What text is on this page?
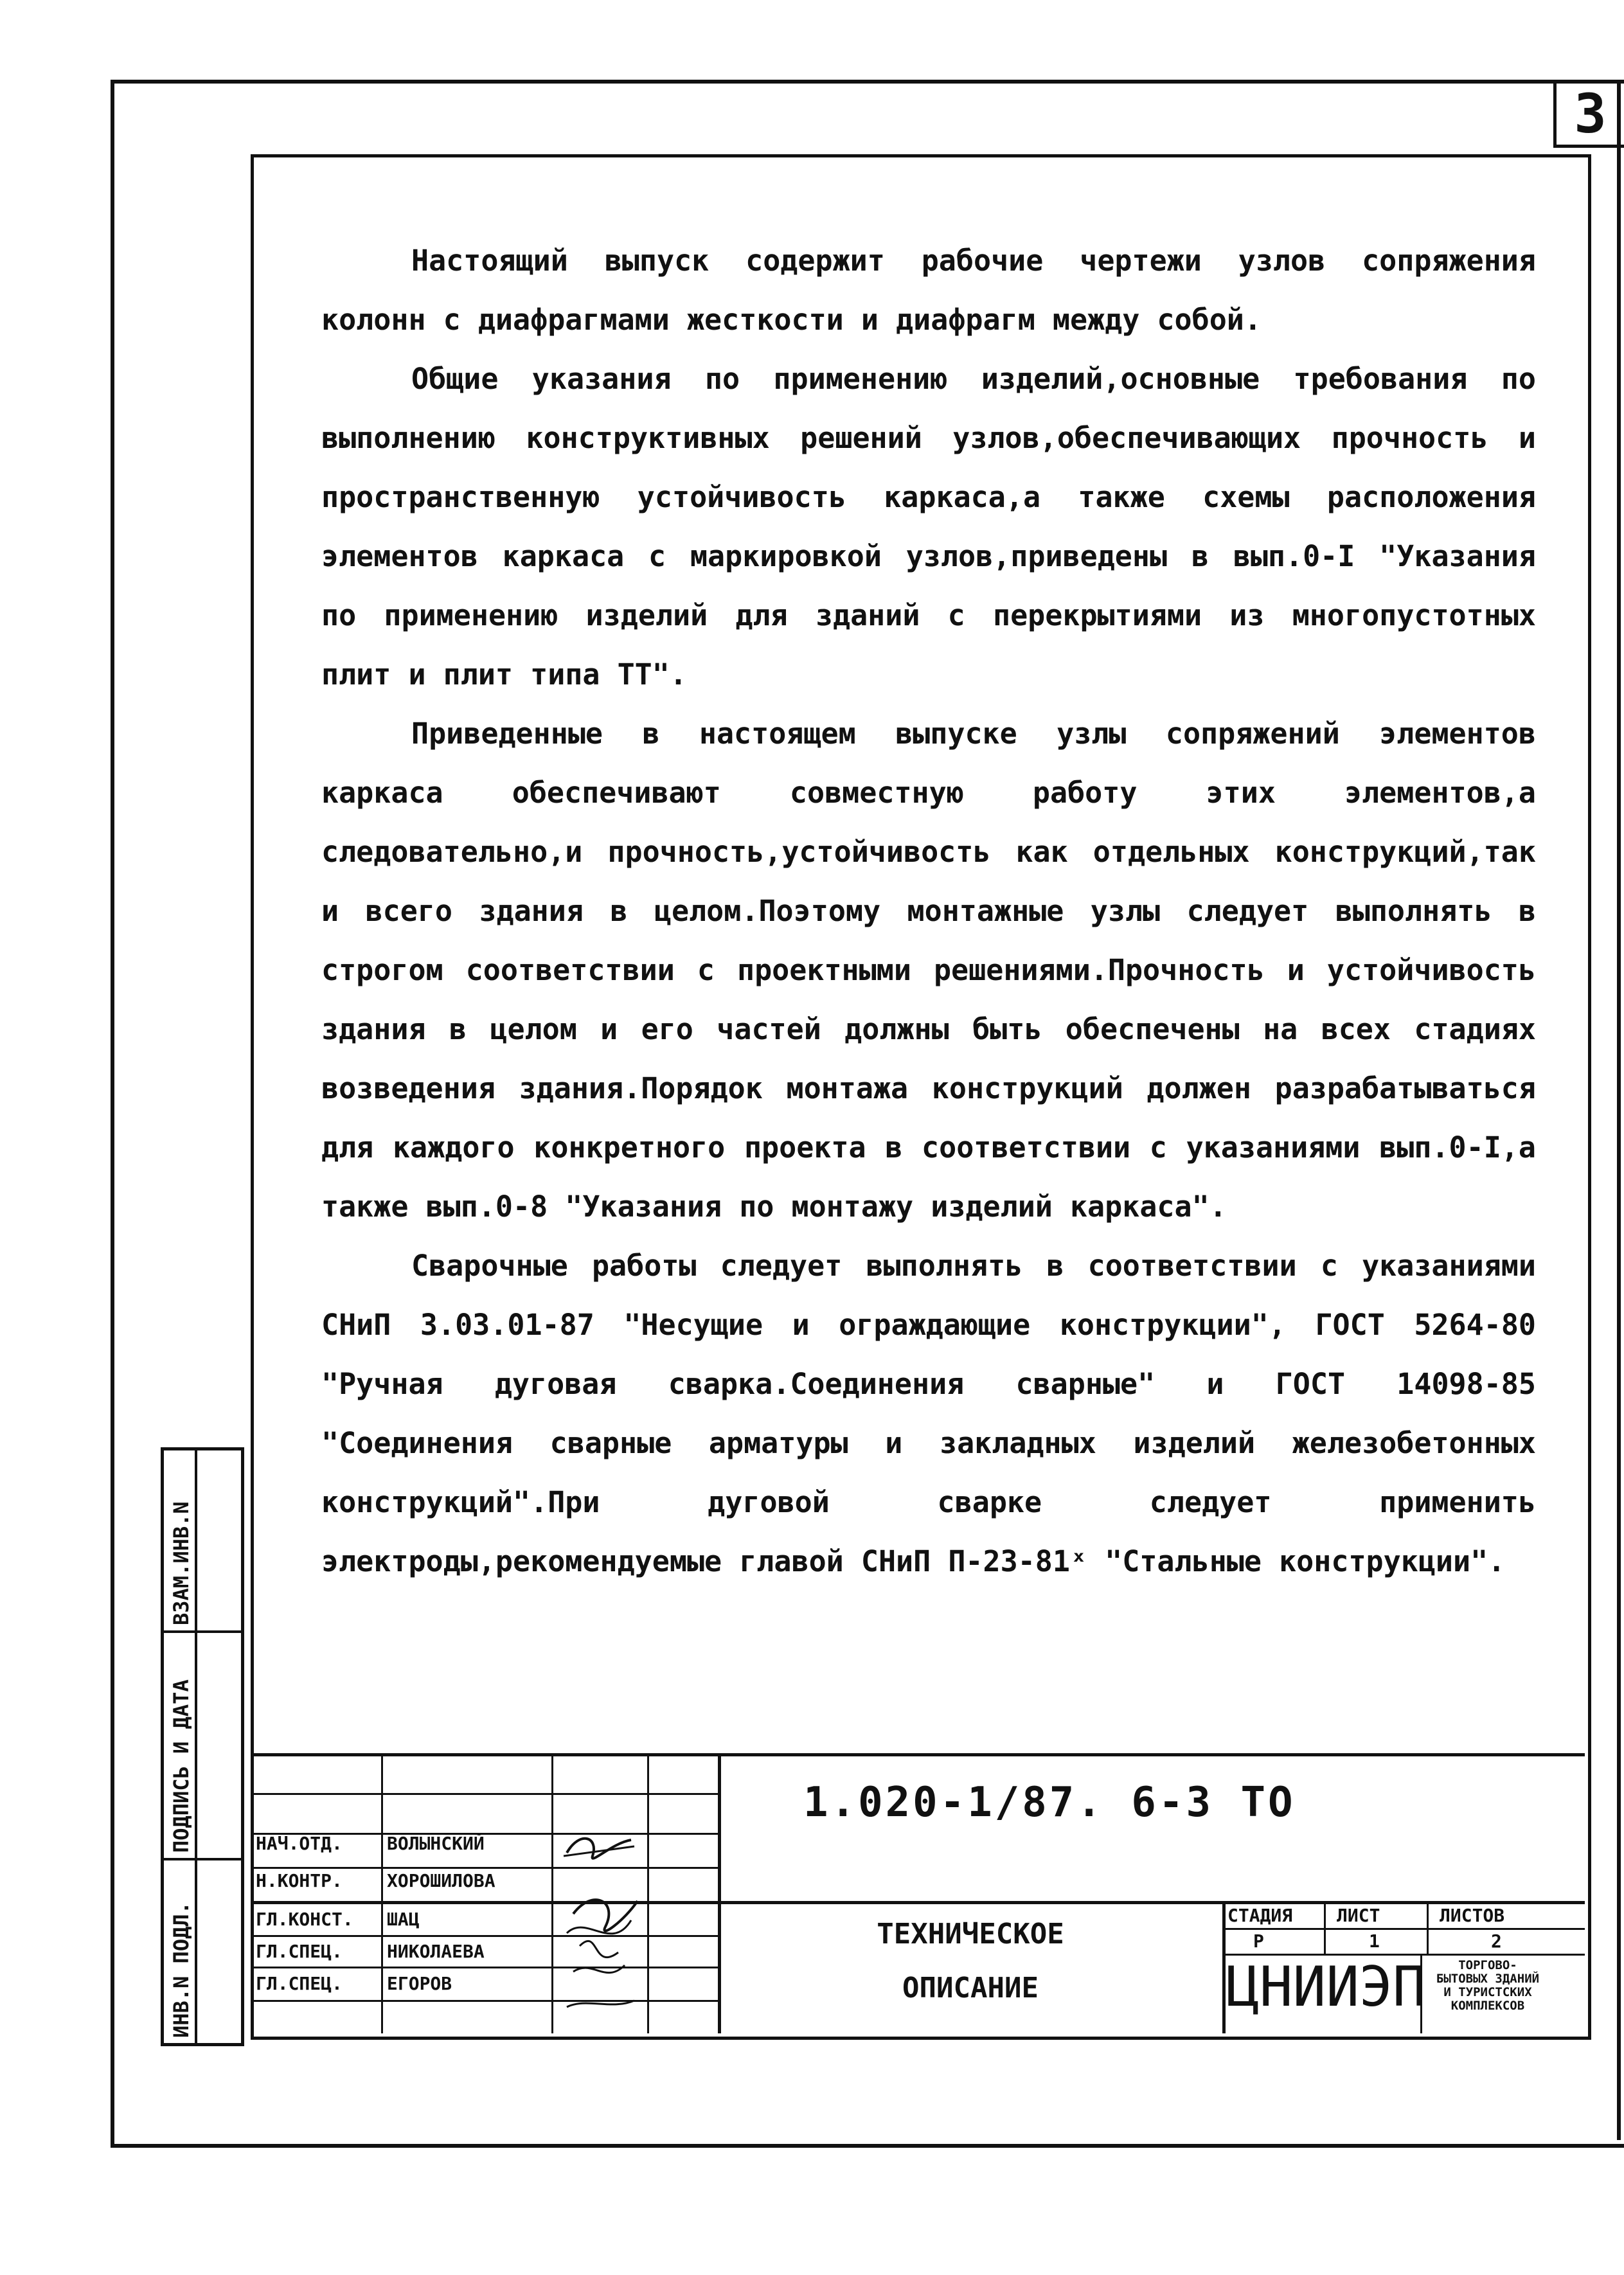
3

Настоящий выпуск содержит рабочие чертежи узлов сопряжения колонн с диафрагмами жесткости и диафрагм между собой.

Общие указания по применению изделий,основные требования по выполнению конструктивных решений узлов,обеспечивающих прочность и пространственную устойчивость каркаса,а также схемы расположения элементов каркаса с маркировкой узлов,приведены в вып.0-I "Указания по применению изделий для зданий с перекрытиями из многопустотных плит и плит типа ТТ".

Приведенные в настоящем выпуске узлы сопряжений элементов каркаса обеспечивают совместную работу этих элементов,а следовательно,и прочность,устойчивость как отдельных конструкций,так и всего здания в целом.Поэтому монтажные узлы следует выполнять в строгом соответствии с проектными решениями.Прочность и устойчивость здания в целом и его частей должны быть обеспечены на всех стадиях возведения здания.Порядок монтажа конструкций должен разрабатываться для каждого конкретного проекта в соответствии с указаниями вып.0-I,а также вып.0-8 "Указания по монтажу изделий каркаса".

Сварочные работы следует выполнять в соответствии с указаниями СНиП 3.03.01-87 "Несущие и ограждающие конструкции", ГОСТ 5264-80 "Ручная дуговая сварка.Соединения сварные" и ГОСТ 14098-85 "Соединения сварные арматуры и закладных изделий железобетонных конструкций".При дуговой сварке следует применить электроды,рекомендуемые главой СНиП П-23-81ˣ "Стальные конструкции".

ВЗАМ.ИНВ.N
ПОДПИСЬ И ДАТА
ИНВ.N ПОДЛ.
НАЧ.ОТД. ВОЛЫНСКИЙ
Н.КОНТР. ХОРОШИЛОВА
ГЛ.КОНСТ. ШАЦ
ГЛ.СПЕЦ. НИКОЛАЕВА
ГЛ.СПЕЦ. ЕГОРОВ
1.020-1/87. 6-3 ТО
СТАДИЯ ЛИСТ	ЛИСТОВ
Р	1	2
ТЕХНИЧЕСКОЕ
ОПИСАНИЕ	ЦНИИЭП	ТОРГОВО-БЫТОВЫХ ЗДАНИЙ И ТУРИСТСКИХ КОМПЛЕКСОВ
